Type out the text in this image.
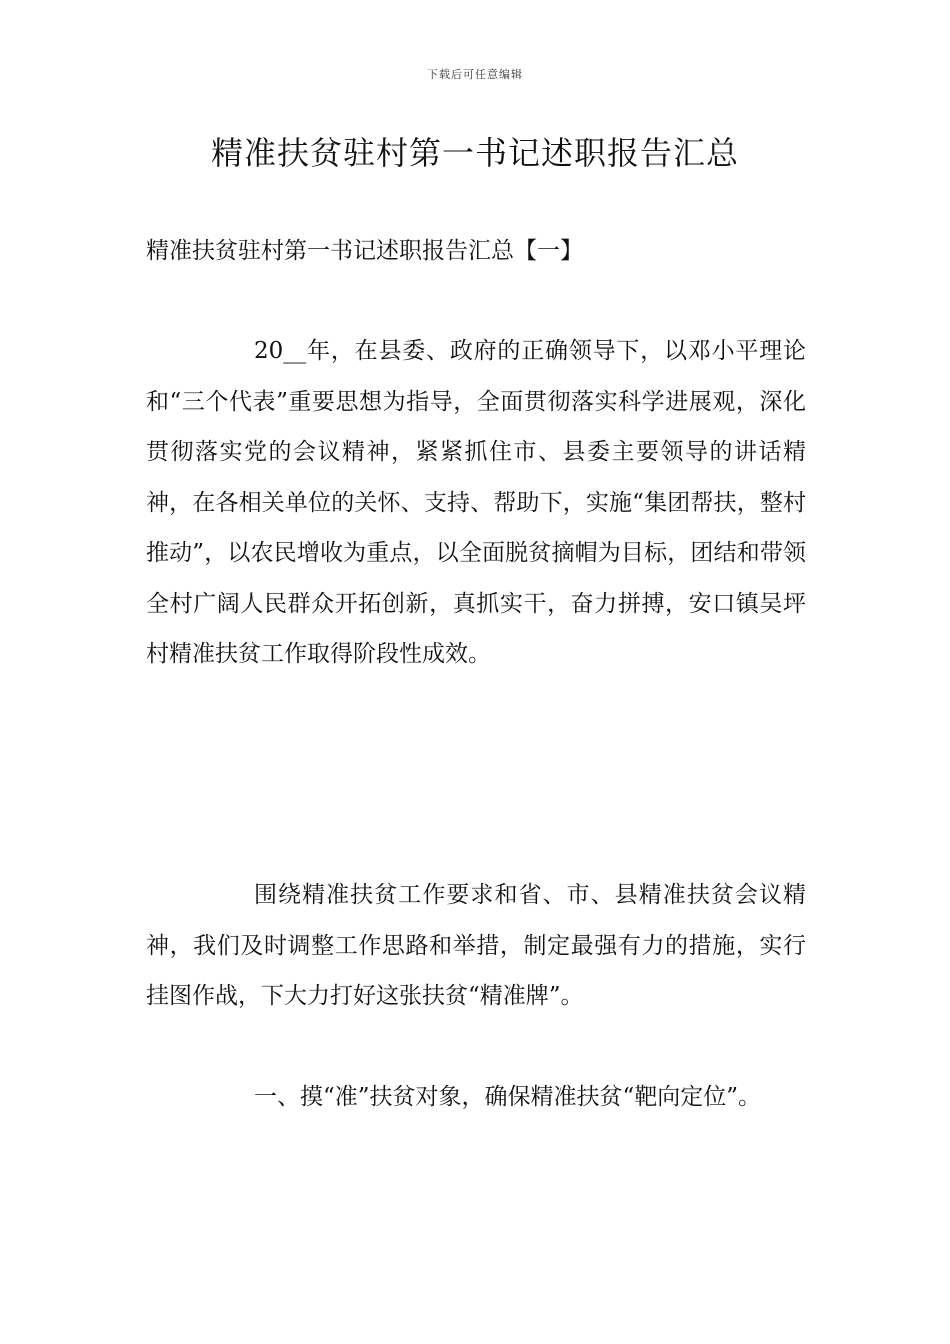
下载后可任意编辑
精准扶贫驻村第一书记述职报告汇总
精准扶贫驻村第一书记述职报告汇总【一】

20__年，在县委、政府的正确领导下，以邓小平理论和“三个代表”重要思想为指导，全面贯彻落实科学进展观，深化贯彻落实党的会议精神，紧紧抓住市、县委主要领导的讲话精神，在各相关单位的关怀、支持、帮助下，实施“集团帮扶，整村推动”，以农民增收为重点，以全面脱贫摘帽为目标，团结和带领全村广阔人民群众开拓创新，真抓实干，奋力拼搏，安口镇吴坪村精准扶贫工作取得阶段性成效。

围绕精准扶贫工作要求和省、市、县精准扶贫会议精神，我们及时调整工作思路和举措，制定最强有力的措施，实行挂图作战，下大力打好这张扶贫“精准牌”。

一、摸“准”扶贫对象，确保精准扶贫“靶向定位”。
